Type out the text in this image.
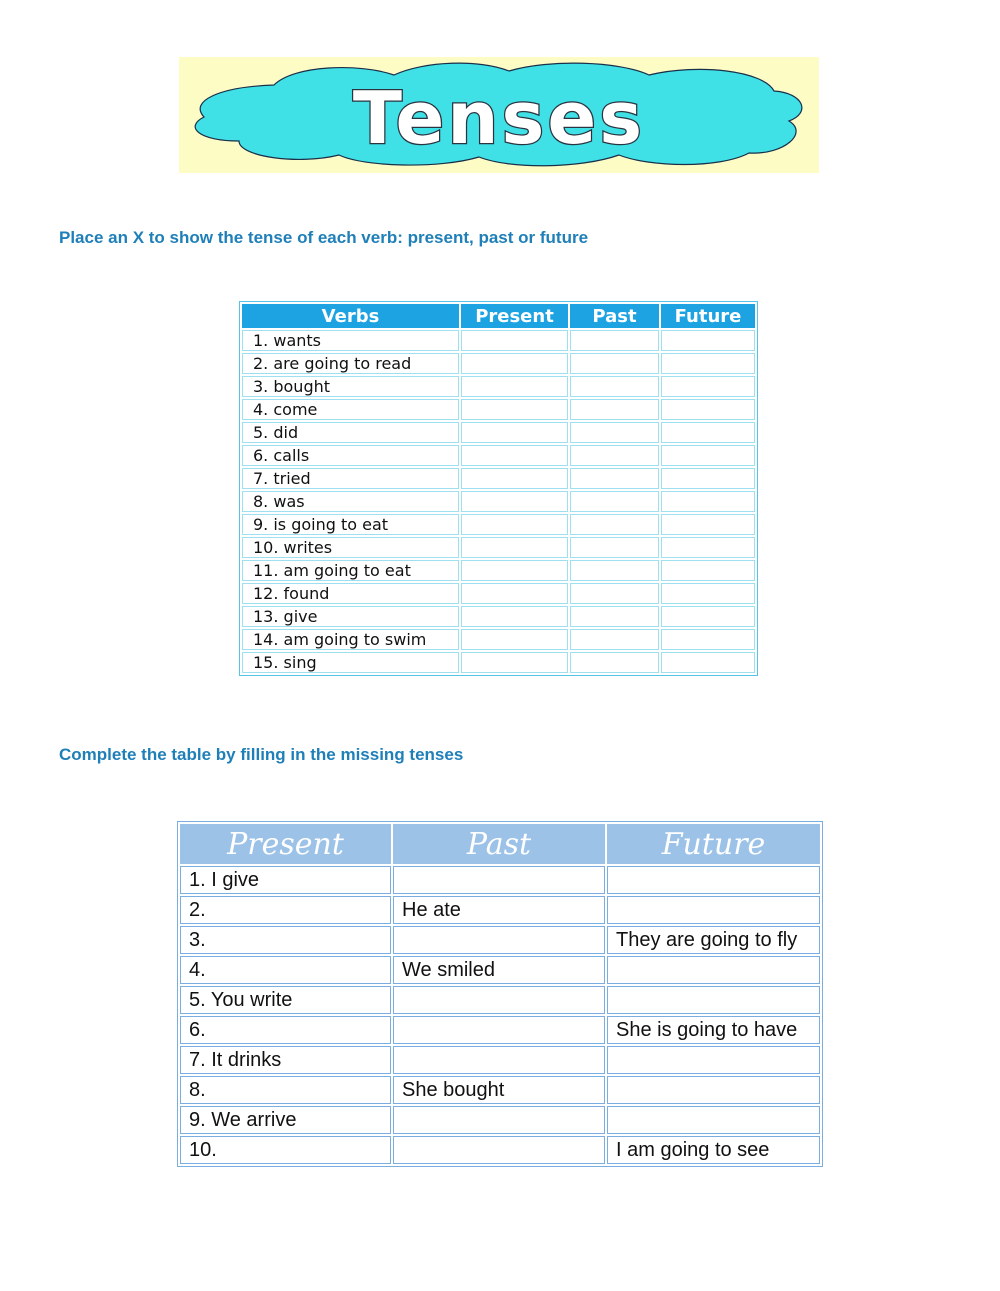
Tenses

Place an X to show the tense of each verb: present, past or future

Verbs	Present	Past	Future
1. wants			
2. are going to read			
3. bought			
4. come			
5. did			
6. calls			
7. tried			
8. was			
9. is going to eat			
10. writes			
11. am going to eat			
12. found			
13. give			
14. am going to swim			
15. sing			

Complete the table by filling in the missing tenses

Present	Past	Future
1. I give		
2.	He ate	
3.		They are going to fly
4.	We smiled	
5. You write		
6.		She is going to have
7. It drinks		
8.	She bought	
9. We arrive		
10.		I am going to see
